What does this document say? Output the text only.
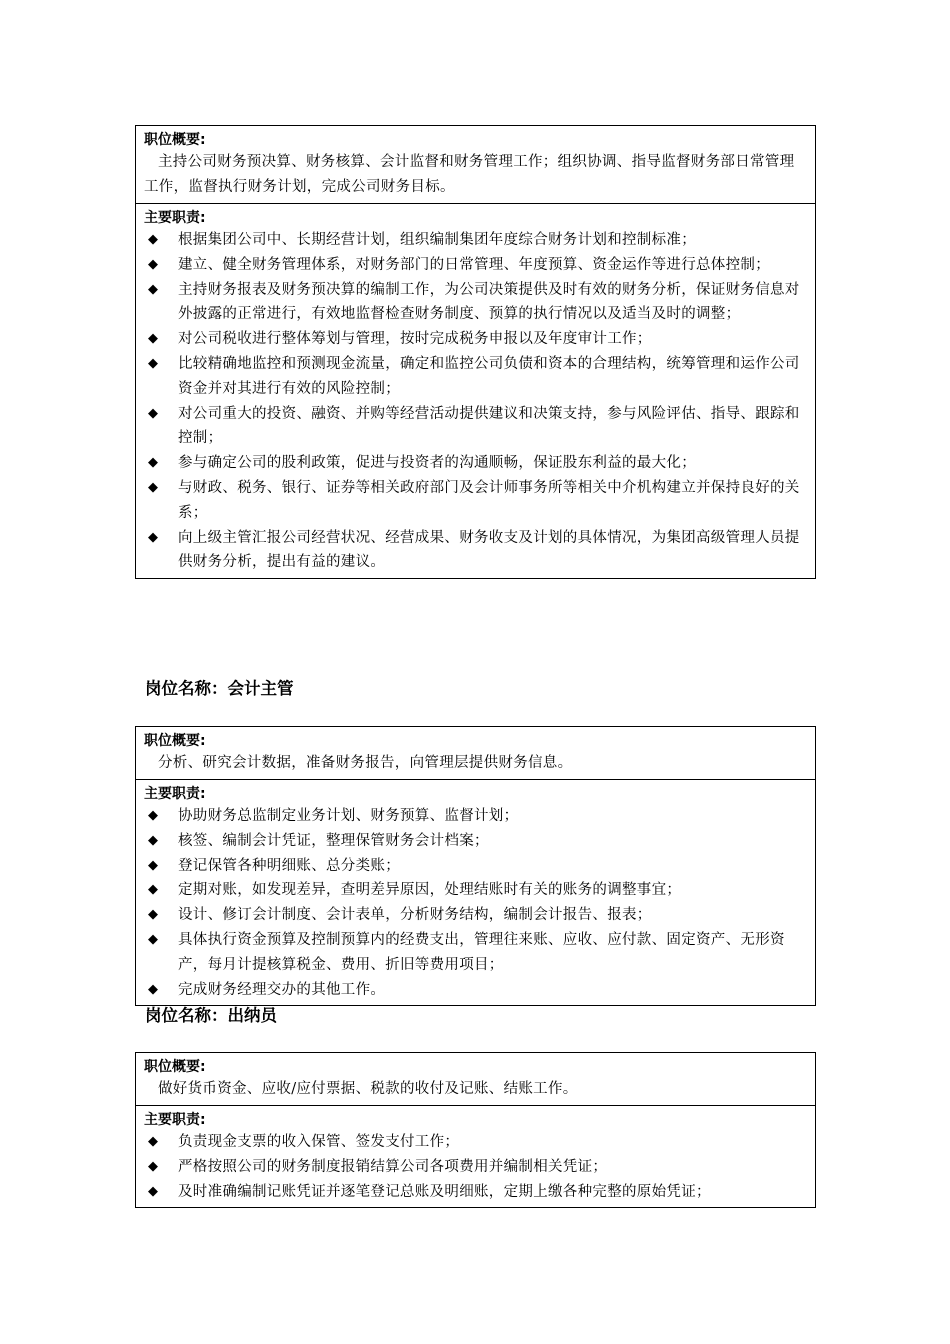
职位概要:
主持公司财务预决算、财务核算、会计监督和财务管理工作；组织协调、指导监督财务部日常管理工作，监督执行财务计划，完成公司财务目标。
主要职责:
◆ 根据集团公司中、长期经营计划，组织编制集团年度综合财务计划和控制标准；
◆ 建立、健全财务管理体系，对财务部门的日常管理、年度预算、资金运作等进行总体控制；
◆ 主持财务报表及财务预决算的编制工作，为公司决策提供及时有效的财务分析，保证财务信息对外披露的正常进行，有效地监督检查财务制度、预算的执行情况以及适当及时的调整；
◆ 对公司税收进行整体筹划与管理，按时完成税务申报以及年度审计工作；
◆ 比较精确地监控和预测现金流量，确定和监控公司负债和资本的合理结构，统筹管理和运作公司资金并对其进行有效的风险控制；
◆ 对公司重大的投资、融资、并购等经营活动提供建议和决策支持，参与风险评估、指导、跟踪和控制；
◆ 参与确定公司的股利政策，促进与投资者的沟通顺畅，保证股东利益的最大化；
◆ 与财政、税务、银行、证券等相关政府部门及会计师事务所等相关中介机构建立并保持良好的关系；
◆ 向上级主管汇报公司经营状况、经营成果、财务收支及计划的具体情况，为集团高级管理人员提供财务分析，提出有益的建议。
岗位名称：会计主管
职位概要:
分析、研究会计数据，准备财务报告，向管理层提供财务信息。
主要职责:
◆ 协助财务总监制定业务计划、财务预算、监督计划；
◆ 核签、编制会计凭证，整理保管财务会计档案；
◆ 登记保管各种明细账、总分类账；
◆ 定期对账，如发现差异，查明差异原因，处理结账时有关的账务的调整事宜；
◆ 设计、修订会计制度、会计表单，分析财务结构，编制会计报告、报表；
◆ 具体执行资金预算及控制预算内的经费支出，管理往来账、应收、应付款、固定资产、无形资产，每月计提核算税金、费用、折旧等费用项目；
◆ 完成财务经理交办的其他工作。
岗位名称：出纳员
职位概要:
做好货币资金、应收/应付票据、税款的收付及记账、结账工作。
主要职责:
◆ 负责现金支票的收入保管、签发支付工作；
◆ 严格按照公司的财务制度报销结算公司各项费用并编制相关凭证；
◆ 及时准确编制记账凭证并逐笔登记总账及明细账，定期上缴各种完整的原始凭证；
